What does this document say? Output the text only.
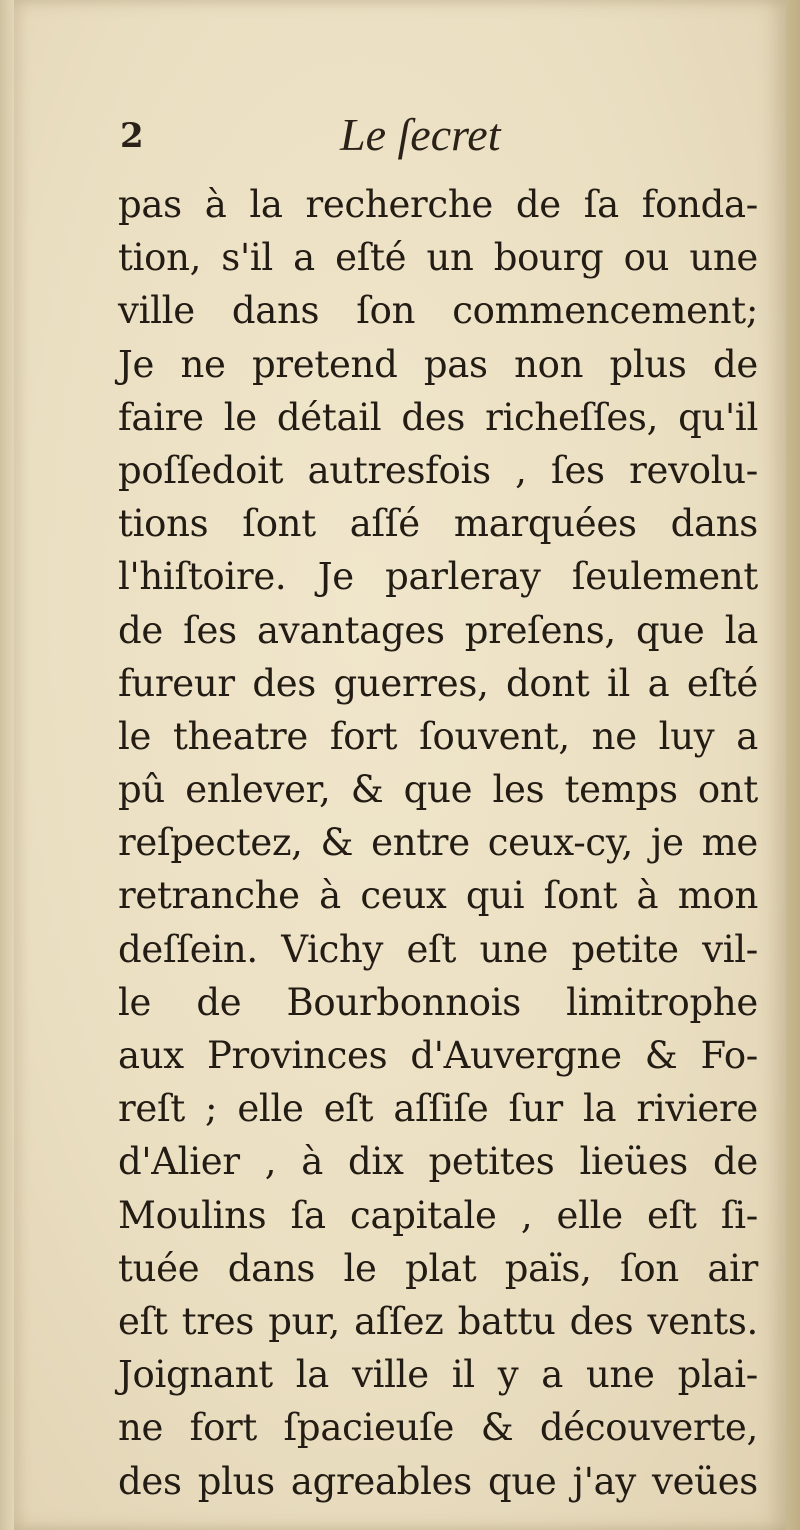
2	Le ſecret
pas à la recherche de ſa fonda-
tion, s'il a eſté un bourg ou une
ville dans ſon commencement;
Je ne pretend pas non plus de
faire le détail des richeſſes, qu'il
poſſedoit autresfois , ſes revolu-
tions ſont aſſé marquées dans
l'hiſtoire. Je parleray ſeulement
de ſes avantages preſens, que la
fureur des guerres, dont il a eſté
le theatre fort ſouvent, ne luy a
pû enlever, & que les temps ont
reſpectez, & entre ceux-cy, je me
retranche à ceux qui ſont à mon
deſſein. Vichy eſt une petite vil-
le de Bourbonnois limitrophe
aux Provinces d'Auvergne & Fo-
reſt ; elle eſt aſſiſe ſur la riviere
d'Alier , à dix petites lieües de
Moulins ſa capitale , elle eſt ſi-
tuée dans le plat païs, ſon air
eſt tres pur, aſſez battu des vents.
Joignant la ville il y a une plai-
ne fort ſpacieuſe & découverte,
des plus agreables que j'ay veües
